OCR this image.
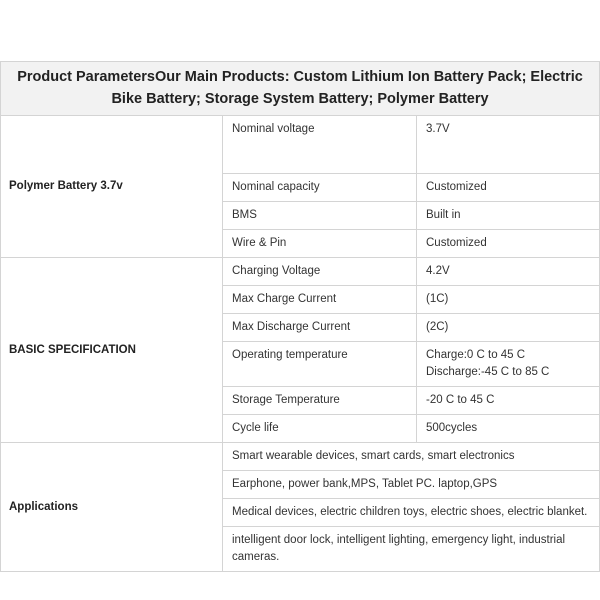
Product ParametersOur Main Products: Custom Lithium Ion Battery Pack; Electric Bike Battery; Storage System Battery; Polymer Battery		
Polymer Battery 3.7v	Nominal voltage	3.7V
	Nominal capacity	Customized
	BMS	Built in
	Wire & Pin	Customized
BASIC SPECIFICATION	Charging Voltage	4.2V
	Max Charge Current	(1C)
	Max Discharge Current	(2C)
	Operating temperature	Charge:0 C to 45 C
Discharge:-45 C to 85 C

	Storage Temperature	-20 C to 45 C
	Cycle life	500cycles
Applications	Smart wearable devices, smart cards, smart electronics	
	Earphone, power bank,MPS, Tablet PC. laptop,GPS	
	Medical devices, electric children toys, electric shoes, electric blanket.	
	intelligent door lock, intelligent lighting, emergency light, industrial cameras.	
